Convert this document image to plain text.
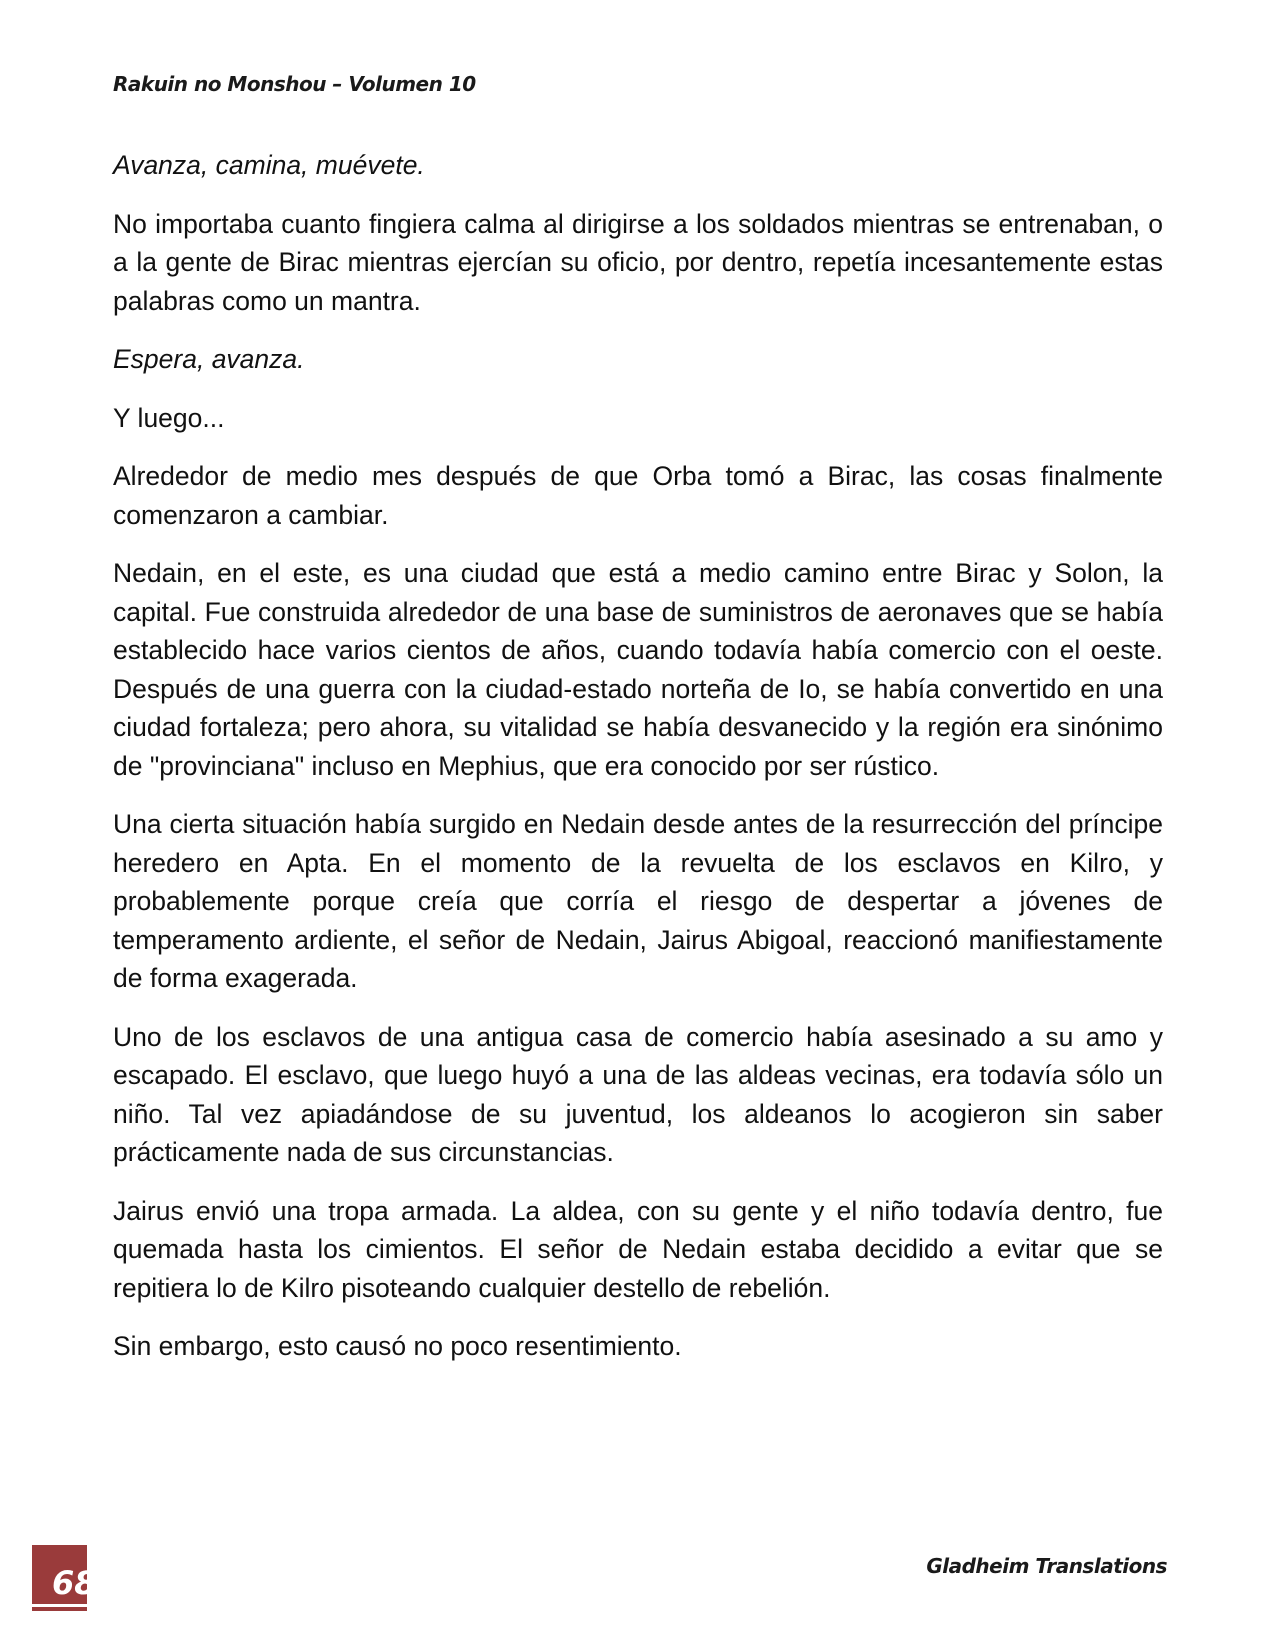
Rakuin no Monshou – Volumen 10

Avanza, camina, muévete.

No importaba cuanto fingiera calma al dirigirse a los soldados mientras se entrenaban, o a la gente de Birac mientras ejercían su oficio, por dentro, repetía incesantemente estas palabras como un mantra.

Espera, avanza.

Y luego...

Alrededor de medio mes después de que Orba tomó a Birac, las cosas finalmente comenzaron a cambiar.

Nedain, en el este, es una ciudad que está a medio camino entre Birac y Solon, la capital. Fue construida alrededor de una base de suministros de aeronaves que se había establecido hace varios cientos de años, cuando todavía había comercio con el oeste. Después de una guerra con la ciudad-estado norteña de Io, se había convertido en una ciudad fortaleza; pero ahora, su vitalidad se había desvanecido y la región era sinónimo de "provinciana" incluso en Mephius, que era conocido por ser rústico.

Una cierta situación había surgido en Nedain desde antes de la resurrección del príncipe heredero en Apta. En el momento de la revuelta de los esclavos en Kilro, y probablemente porque creía que corría el riesgo de despertar a jóvenes de temperamento ardiente, el señor de Nedain, Jairus Abigoal, reaccionó manifiestamente de forma exagerada.

Uno de los esclavos de una antigua casa de comercio había asesinado a su amo y escapado. El esclavo, que luego huyó a una de las aldeas vecinas, era todavía sólo un niño. Tal vez apiadándose de su juventud, los aldeanos lo acogieron sin saber prácticamente nada de sus circunstancias.

Jairus envió una tropa armada. La aldea, con su gente y el niño todavía dentro, fue quemada hasta los cimientos. El señor de Nedain estaba decidido a evitar que se repitiera lo de Kilro pisoteando cualquier destello de rebelión.

Sin embargo, esto causó no poco resentimiento.

68	Gladheim Translations
